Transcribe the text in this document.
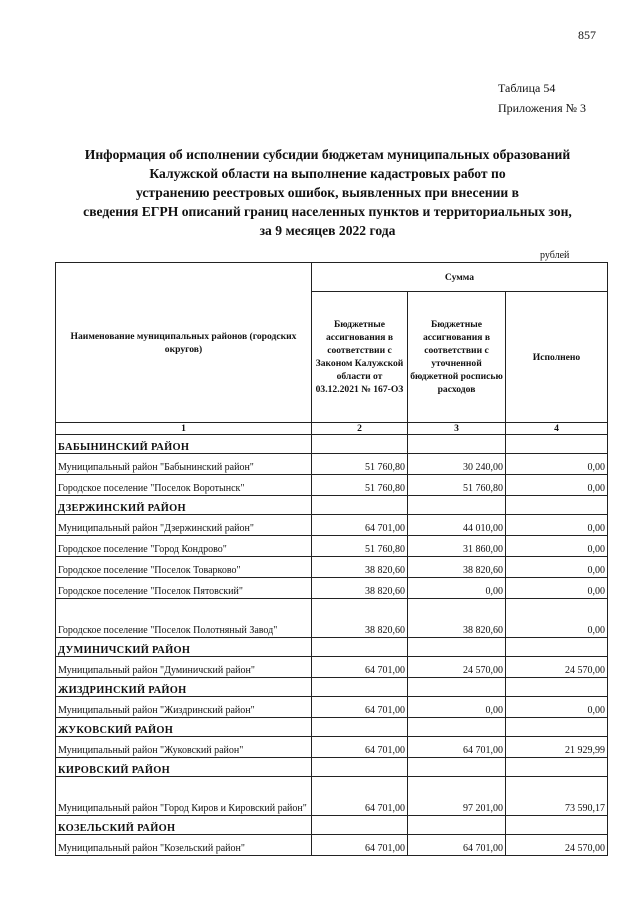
857
Таблица 54
Приложения № 3
Информация об исполнении субсидии бюджетам муниципальных образований
Калужской области на выполнение кадастровых работ по
устранению реестровых ошибок, выявленных при внесении в
сведения ЕГРН описаний границ населенных пунктов и территориальных зон,
за 9 месяцев 2022 года
рублей
Наименование муниципальных районов (городских округов)	Сумма		
	Бюджетные ассигнования в соответствии с Законом Калужской области от 03.12.2021 № 167-ОЗ	Бюджетные ассигнования в соответствии с уточненной бюджетной росписью расходов	Исполнено
1	2	3	4
БАБЫНИНСКИЙ РАЙОН			
Муниципальный район "Бабынинский район"	51 760,80	30 240,00	0,00
Городское поселение "Поселок Воротынск"	51 760,80	51 760,80	0,00
ДЗЕРЖИНСКИЙ РАЙОН			
Муниципальный район "Дзержинский район"	64 701,00	44 010,00	0,00
Городское поселение "Город Кондрово"	51 760,80	31 860,00	0,00
Городское поселение "Поселок Товарково"	38 820,60	38 820,60	0,00
Городское поселение "Поселок Пятовский"	38 820,60	0,00	0,00
Городское поселение "Поселок Полотняный Завод"	38 820,60	38 820,60	0,00
ДУМИНИЧСКИЙ РАЙОН			
Муниципальный район "Думиничский район"	64 701,00	24 570,00	24 570,00
ЖИЗДРИНСКИЙ РАЙОН			
Муниципальный район "Жиздринский район"	64 701,00	0,00	0,00
ЖУКОВСКИЙ РАЙОН			
Муниципальный район "Жуковский район"	64 701,00	64 701,00	21 929,99
КИРОВСКИЙ РАЙОН			
Муниципальный район "Город Киров и Кировский район"	64 701,00	97 201,00	73 590,17
КОЗЕЛЬСКИЙ РАЙОН			
Муниципальный район "Козельский район"	64 701,00	64 701,00	24 570,00
